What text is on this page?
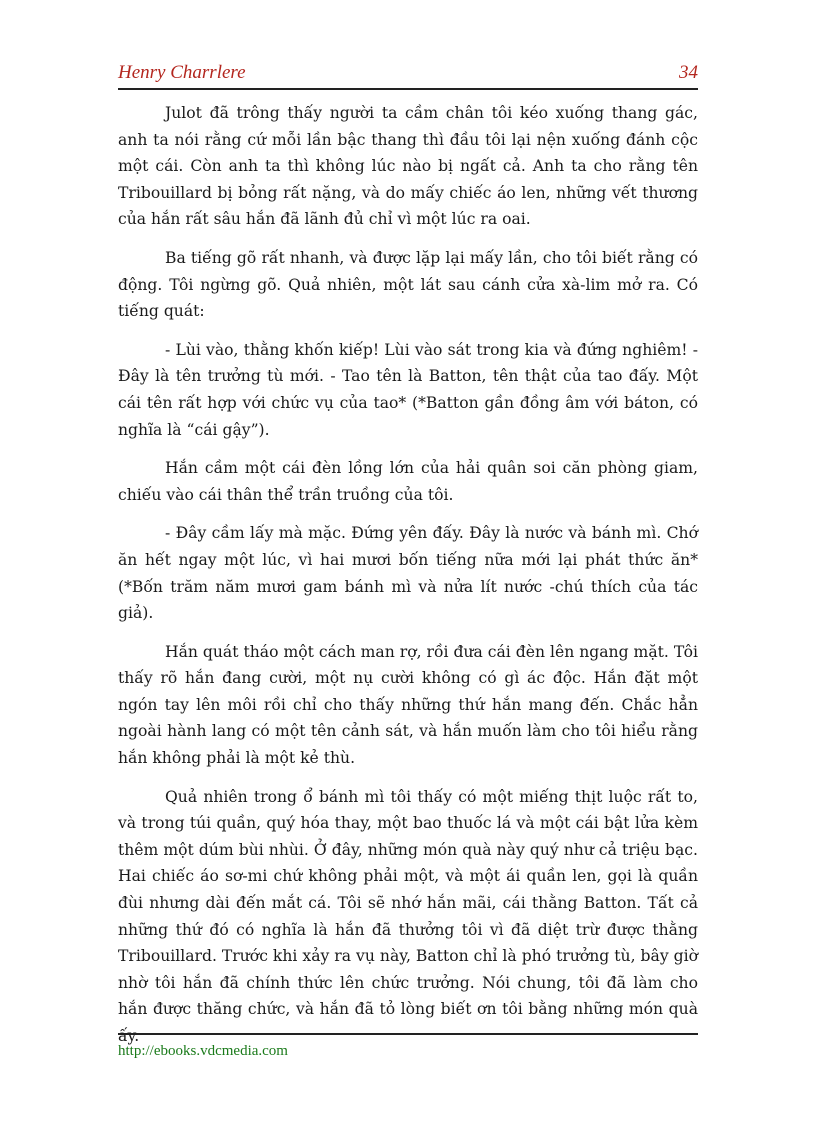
Henry Charrlere	34

Julot đã trông thấy người ta cầm chân tôi kéo xuống thang gác, anh ta nói rằng cứ mỗi lần bậc thang thì đầu tôi lại nện xuống đánh cộc một cái. Còn anh ta thì không lúc nào bị ngất cả. Anh ta cho rằng tên Tribouillard bị bỏng rất nặng, và do mấy chiếc áo len, những vết thương của hắn rất sâu hắn đã lãnh đủ chỉ vì một lúc ra oai.

Ba tiếng gõ rất nhanh, và được lặp lại mấy lần, cho tôi biết rằng có động. Tôi ngừng gõ. Quả nhiên, một lát sau cánh cửa xà-lim mở ra. Có tiếng quát:

- Lùi vào, thằng khốn kiếp! Lùi vào sát trong kia và đứng nghiêm! - Đây là tên trưởng tù mới. - Tao tên là Batton, tên thật của tao đấy. Một cái tên rất hợp với chức vụ của tao* (*Batton gần đồng âm với báton, có nghĩa là “cái gậy”).

Hắn cầm một cái đèn lồng lớn của hải quân soi căn phòng giam, chiếu vào cái thân thể trần truồng của tôi.

- Đây cầm lấy mà mặc. Đứng yên đấy. Đây là nước và bánh mì. Chớ ăn hết ngay một lúc, vì hai mươi bốn tiếng nữa mới lại phát thức ăn* (*Bốn trăm năm mươi gam bánh mì và nửa lít nước -chú thích của tác giả).

Hắn quát tháo một cách man rợ, rồi đưa cái đèn lên ngang mặt. Tôi thấy rõ hắn đang cười, một nụ cười không có gì ác độc. Hắn đặt một ngón tay lên môi rồi chỉ cho thấy những thứ hắn mang đến. Chắc hẳn ngoài hành lang có một tên cảnh sát, và hắn muốn làm cho tôi hiểu rằng hắn không phải là một kẻ thù.

Quả nhiên trong ổ bánh mì tôi thấy có một miếng thịt luộc rất to, và trong túi quần, quý hóa thay, một bao thuốc lá và một cái bật lửa kèm thêm một dúm bùi nhùi. Ở đây, những món quà này quý như cả triệu bạc. Hai chiếc áo sơ-mi chứ không phải một, và một ái quần len, gọi là quần đùi nhưng dài đến mắt cá. Tôi sẽ nhớ hắn mãi, cái thằng Batton. Tất cả những thứ đó có nghĩa là hắn đã thưởng tôi vì đã diệt trừ được thằng Tribouillard. Trước khi xảy ra vụ này, Batton chỉ là phó trưởng tù, bây giờ nhờ tôi hắn đã chính thức lên chức trưởng. Nói chung, tôi đã làm cho hắn được thăng chức, và hắn đã tỏ lòng biết ơn tôi bằng những món quà ấy.

http://ebooks.vdcmedia.com
